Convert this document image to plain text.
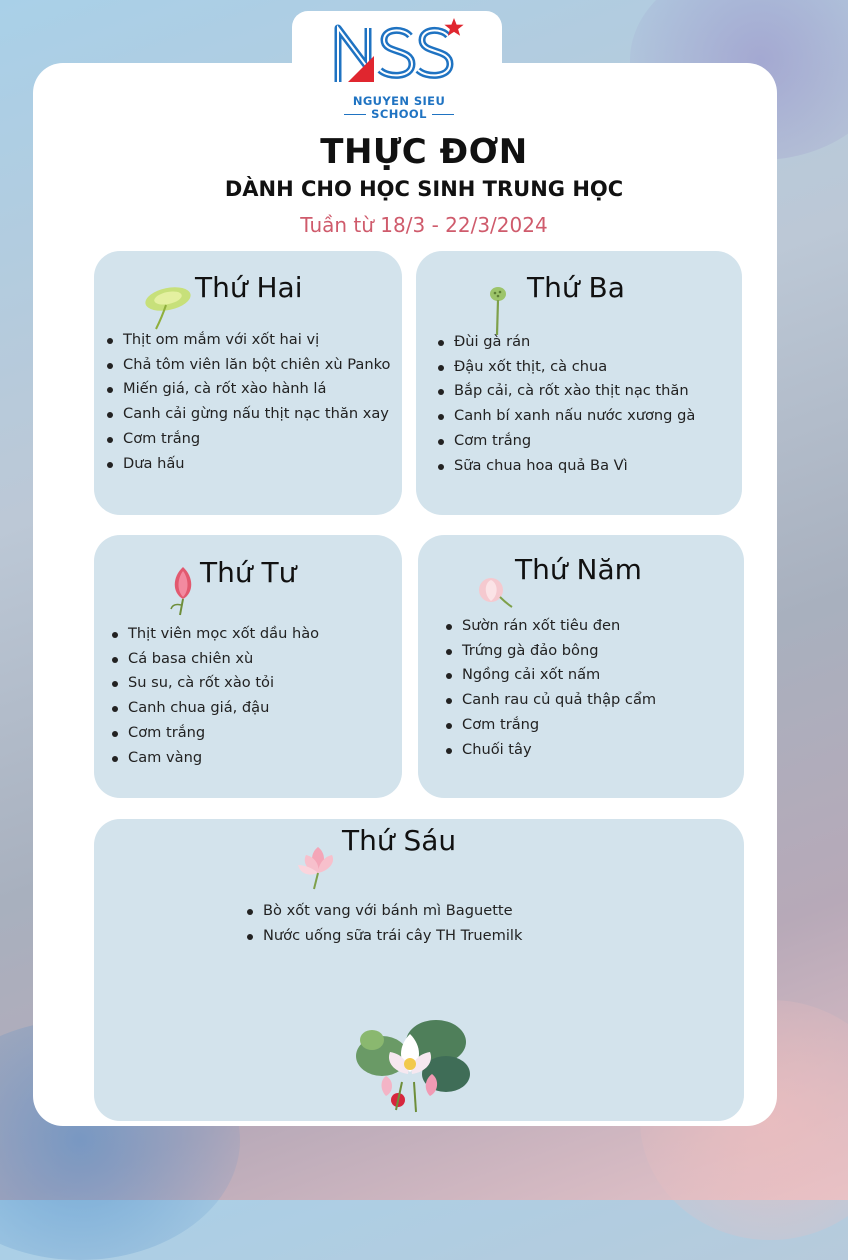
NGUYEN SIEU
SCHOOL
THỰC ĐƠN
DÀNH CHO HỌC SINH TRUNG HỌC
Tuần từ 18/3 - 22/3/2024
Thứ Hai
Thịt om mắm với xốt hai vị
Chả tôm viên lăn bột chiên xù Panko
Miến giá, cà rốt xào hành lá
Canh cải gừng nấu thịt nạc thăn xay
Cơm trắng
Dưa hấu
Thứ Ba
Đùi gà rán
Đậu xốt thịt, cà chua
Bắp cải, cà rốt xào thịt nạc thăn
Canh bí xanh nấu nước xương gà
Cơm trắng
Sữa chua hoa quả Ba Vì
Thứ Tư
Thịt viên mọc xốt dầu hào
Cá basa chiên xù
Su su, cà rốt xào tỏi
Canh chua giá, đậu
Cơm trắng
Cam vàng
Thứ Năm
Sườn rán xốt tiêu đen
Trứng gà đảo bông
Ngồng cải xốt nấm
Canh rau củ quả thập cẩm
Cơm trắng
Chuối tây
Thứ Sáu
Bò xốt vang với bánh mì Baguette
Nước uống sữa trái cây TH Truemilk
